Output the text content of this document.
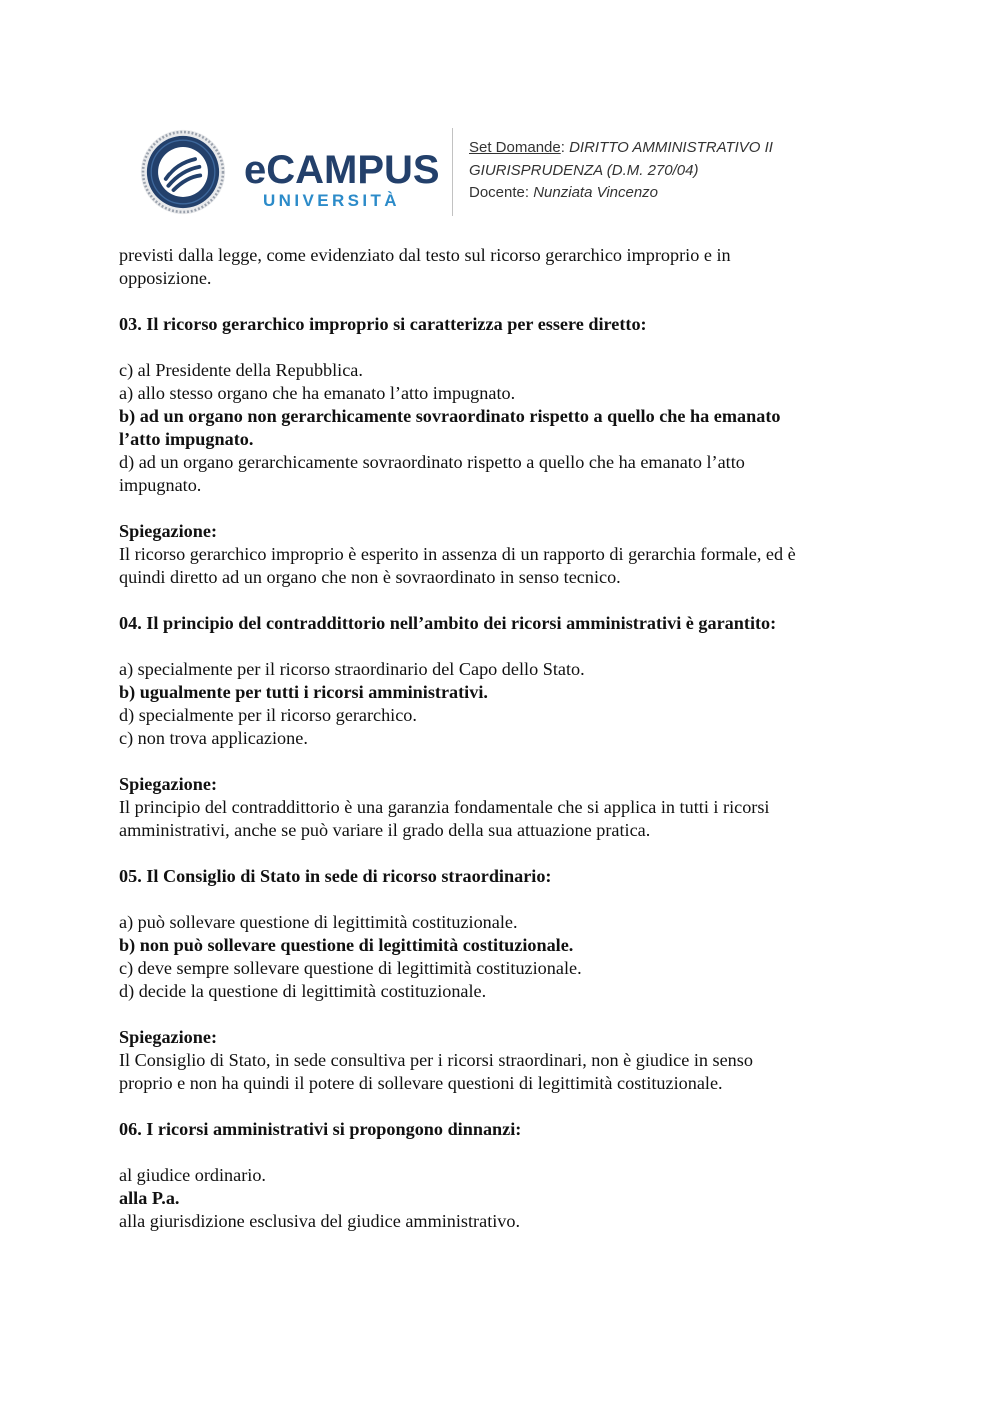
eCAMPUS
UNIVERSITÀ
Set Domande: DIRITTO AMMINISTRATIVO II
GIURISPRUDENZA (D.M. 270/04)
Docente: Nunziata Vincenzo

previsti dalla legge, come evidenziato dal testo sul ricorso gerarchico improprio e in

opposizione.

03. Il ricorso gerarchico improprio si caratterizza per essere diretto:

c) al Presidente della Repubblica.

a) allo stesso organo che ha emanato l’atto impugnato.

b) ad un organo non gerarchicamente sovraordinato rispetto a quello che ha emanato

l’atto impugnato.

d) ad un organo gerarchicamente sovraordinato rispetto a quello che ha emanato l’atto

impugnato.

Spiegazione:

Il ricorso gerarchico improprio è esperito in assenza di un rapporto di gerarchia formale, ed è

quindi diretto ad un organo che non è sovraordinato in senso tecnico.

04. Il principio del contraddittorio nell’ambito dei ricorsi amministrativi è garantito:

a) specialmente per il ricorso straordinario del Capo dello Stato.

b) ugualmente per tutti i ricorsi amministrativi.

d) specialmente per il ricorso gerarchico.

c) non trova applicazione.

Spiegazione:

Il principio del contraddittorio è una garanzia fondamentale che si applica in tutti i ricorsi

amministrativi, anche se può variare il grado della sua attuazione pratica.

05. Il Consiglio di Stato in sede di ricorso straordinario:

a) può sollevare questione di legittimità costituzionale.

b) non può sollevare questione di legittimità costituzionale.

c) deve sempre sollevare questione di legittimità costituzionale.

d) decide la questione di legittimità costituzionale.

Spiegazione:

Il Consiglio di Stato, in sede consultiva per i ricorsi straordinari, non è giudice in senso

proprio e non ha quindi il potere di sollevare questioni di legittimità costituzionale.

06. I ricorsi amministrativi si propongono dinnanzi:

al giudice ordinario.

alla P.a.

alla giurisdizione esclusiva del giudice amministrativo.
